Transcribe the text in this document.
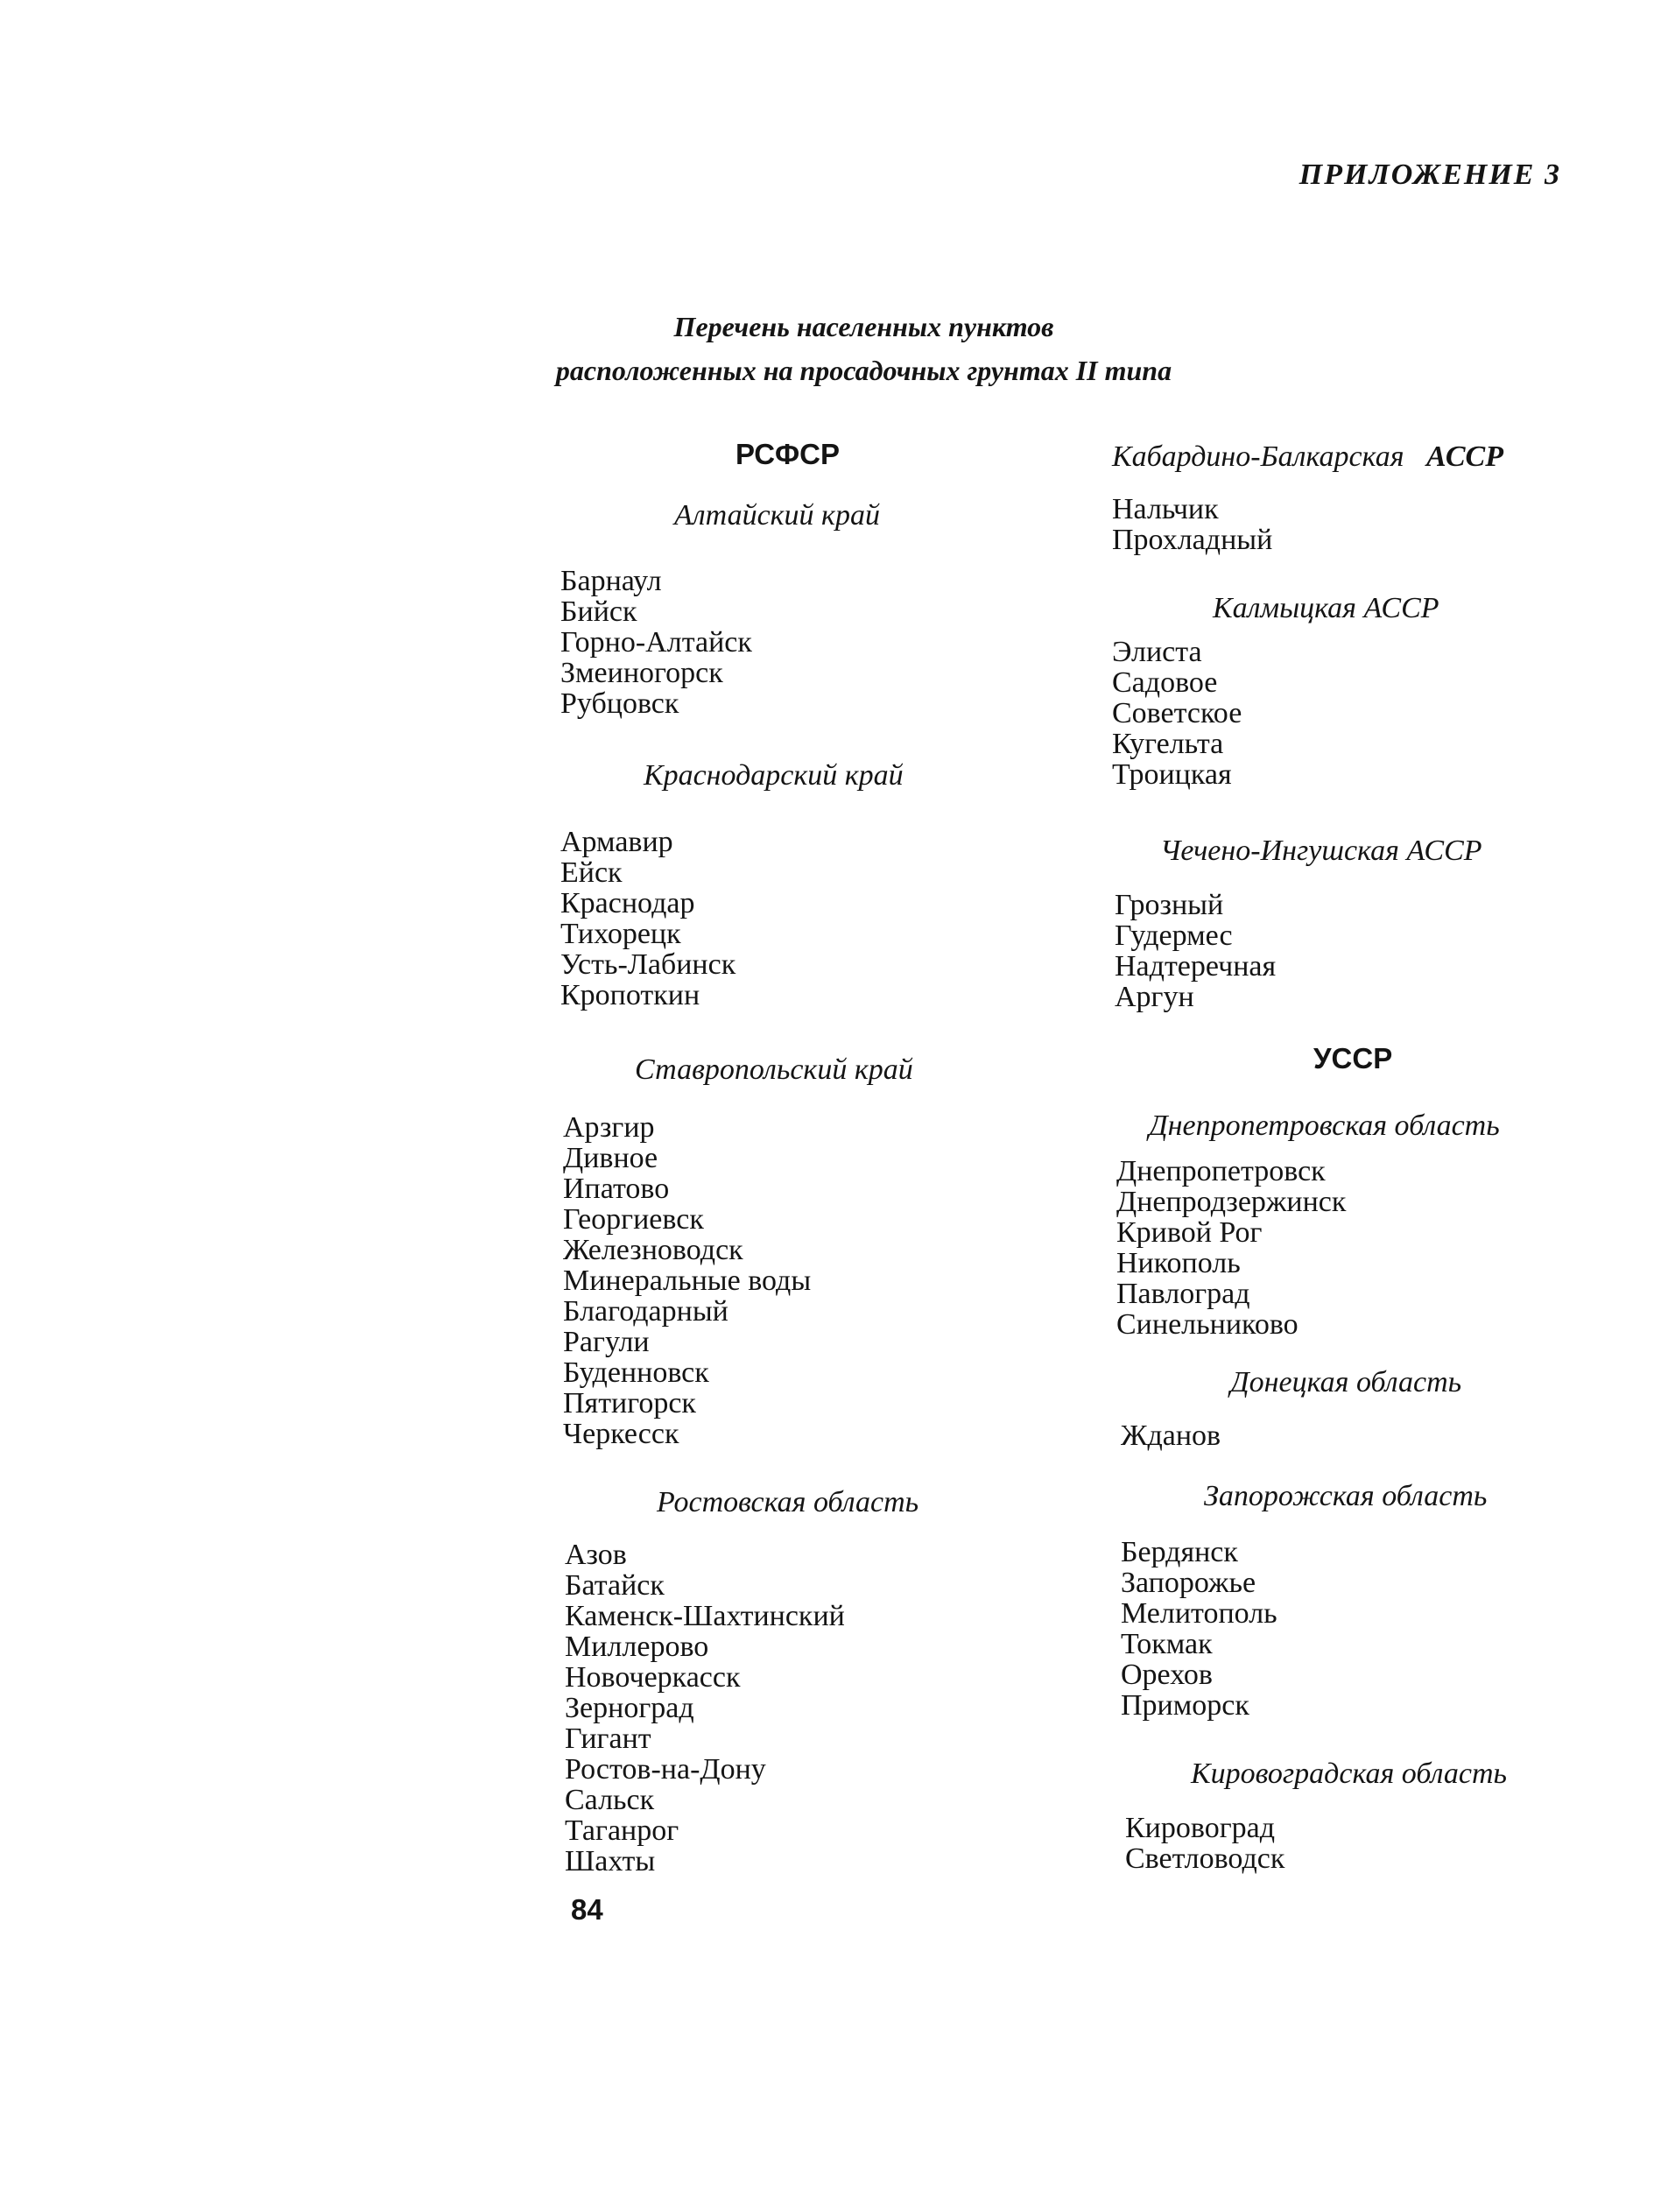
ПРИЛОЖЕНИЕ 3
Перечень населенных пунктов
расположенных на просадочных грунтах II типа
РСФСР
Алтайский край
Барнаул
Бийск
Горно-Алтайск
Змеиногорск
Рубцовск
Краснодарский край
Армавир
Ейск
Краснодар
Тихорецк
Усть-Лабинск
Кропоткин
Ставропольский край
Арзгир
Дивное
Ипатово
Георгиевск
Железноводск
Минеральные воды
Благодарный
Рагули
Буденновск
Пятигорск
Черкесск
Ростовская область
Азов
Батайск
Каменск-Шахтинский
Миллерово
Новочеркасск
Зерноград
Гигант
Ростов-на-Дону
Сальск
Таганрог
Шахты
Кабардино-Балкарская АССР
Нальчик
Прохладный
Калмыцкая АССР
Элиста
Садовое
Советское
Кугельта
Троицкая
Чечено-Ингушская АССР
Грозный
Гудермес
Надтеречная
Аргун
УССР
Днепропетровская область
Днепропетровск
Днепродзержинск
Кривой Рог
Никополь
Павлоград
Синельниково
Донецкая область
Жданов
Запорожская область
Бердянск
Запорожье
Мелитополь
Токмак
Орехов
Приморск
Кировоградская область
Кировоград
Светловодск
84
